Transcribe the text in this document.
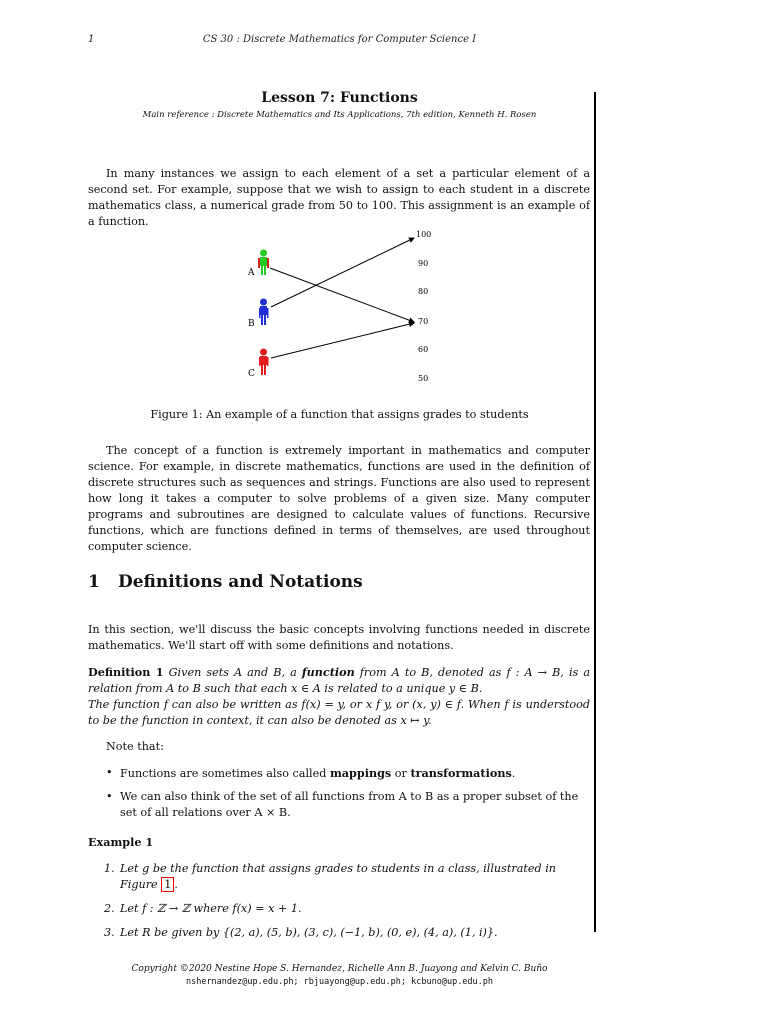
1	CS 30 : Discrete Mathematics for Computer Science I
Lesson 7: Functions
Main reference : Discrete Mathematics and Its Applications, 7th edition, Kenneth H. Rosen
In many instances we assign to each element of a set a particular element of a second set. For example, suppose that we wish to assign to each student in a discrete mathematics class, a numerical grade from 50 to 100. This assignment is an example of a function.
A
B
C
100
90
80
70
60
50
Figure 1: An example of a function that assigns grades to students
The concept of a function is extremely important in mathematics and computer science. For example, in discrete mathematics, functions are used in the definition of discrete structures such as sequences and strings. Functions are also used to represent how long it takes a computer to solve problems of a given size. Many computer programs and subroutines are designed to calculate values of functions. Recursive functions, which are functions defined in terms of themselves, are used throughout computer science.
1 Definitions and Notations
In this section, we'll discuss the basic concepts involving functions needed in discrete mathematics. We'll start off with some definitions and notations.
Definition 1 Given sets A and B, a function from A to B, denoted as f : A → B, is a relation from A to B such that each x ∈ A is related to a unique y ∈ B.
The function f can also be written as f(x) = y, or x f y, or (x, y) ∈ f. When f is understood to be the function in context, it can also be denoted as x ↦ y.
Note that:
• Functions are sometimes also called mappings or transformations.
• We can also think of the set of all functions from A to B as a proper subset of the set of all relations over A × B.
Example 1
1. Let g be the function that assigns grades to students in a class, illustrated in Figure 1 .
2. Let f : ℤ → ℤ where f(x) = x + 1.
3. Let R be given by {(2, a), (5, b), (3, c), (−1, b), (0, e), (4, a), (1, i)}.
Copyright ©2020 Nestine Hope S. Hernandez, Richelle Ann B. Juayong and Kelvin C. Buño
nshernandez@up.edu.ph; rbjuayong@up.edu.ph; kcbuno@up.edu.ph
